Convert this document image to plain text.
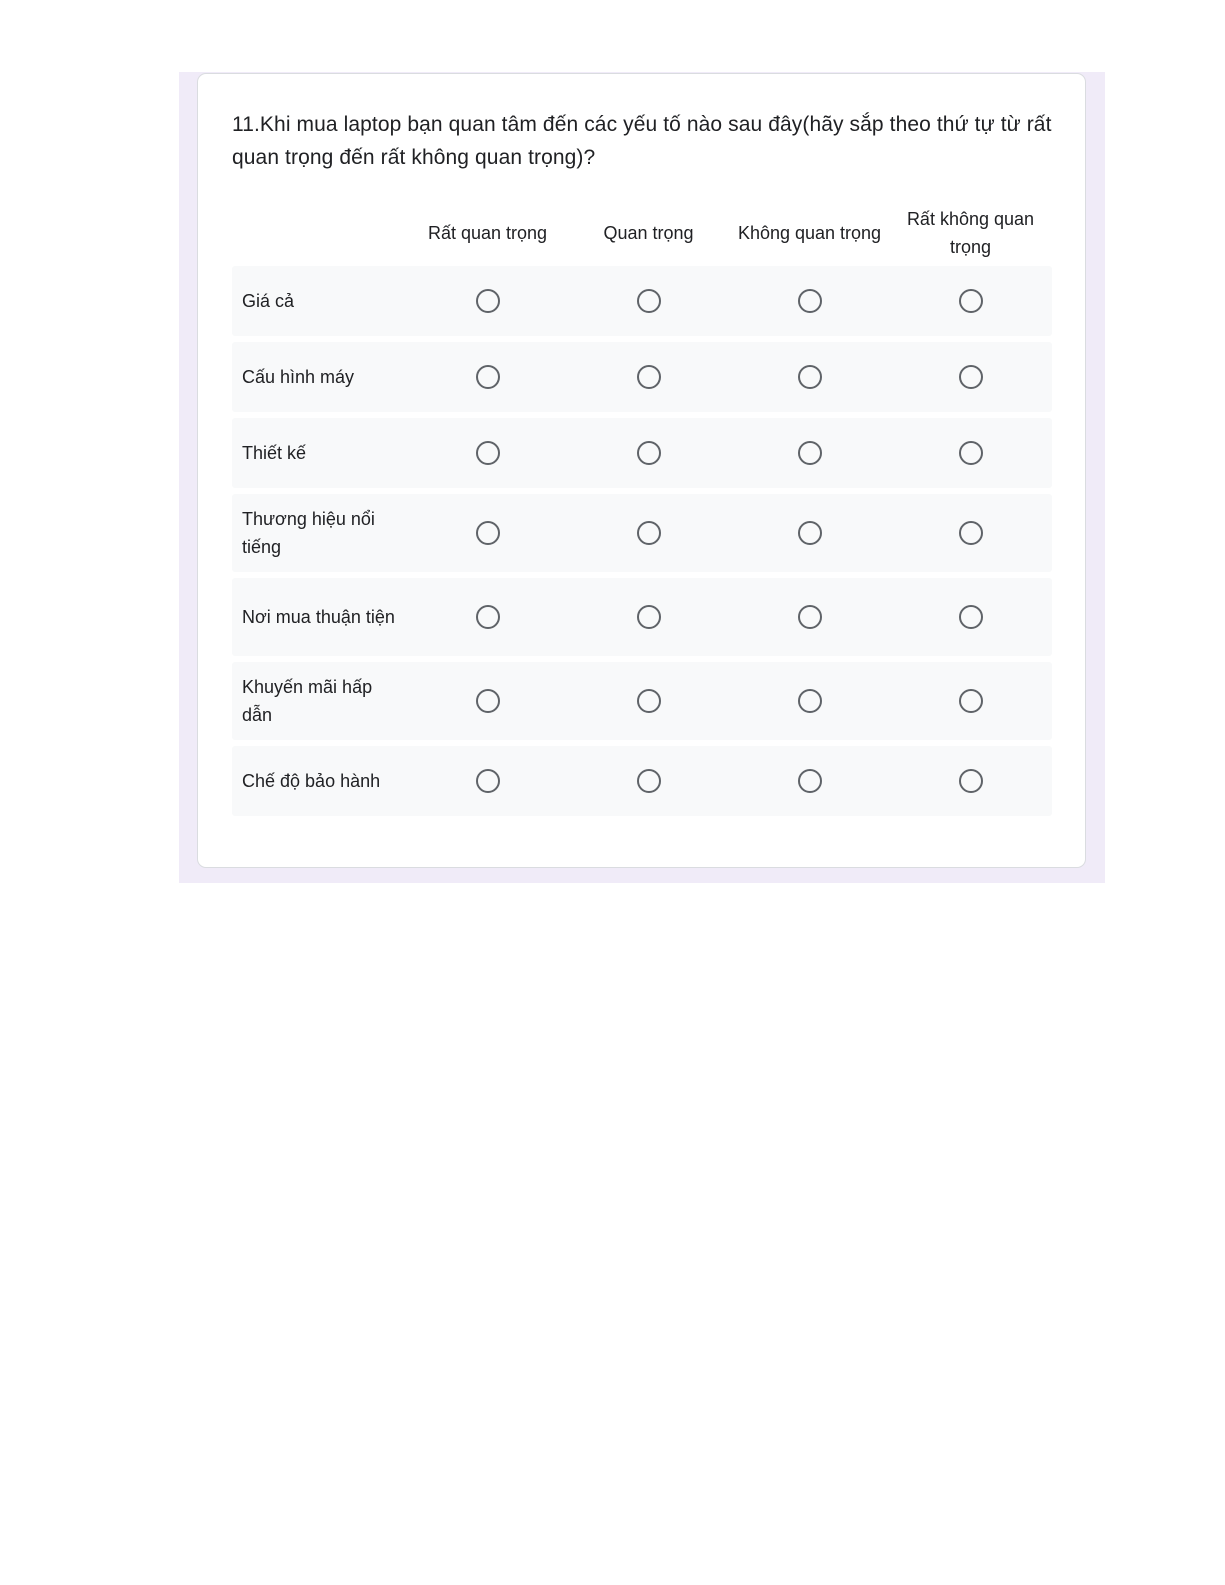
11.Khi mua laptop bạn quan tâm đến các yếu tố nào sau đây(hãy sắp theo thứ tự từ rất quan trọng đến rất không quan trọng)?
Rất quan trọng	Quan trọng	Không quan trọng
Rất không quan trọng
Giá cả
Cấu hình máy
Thiết kế
Thương hiệu nổi tiếng
Nơi mua thuận tiện
Khuyến mãi hấp dẫn
Chế độ bảo hành
